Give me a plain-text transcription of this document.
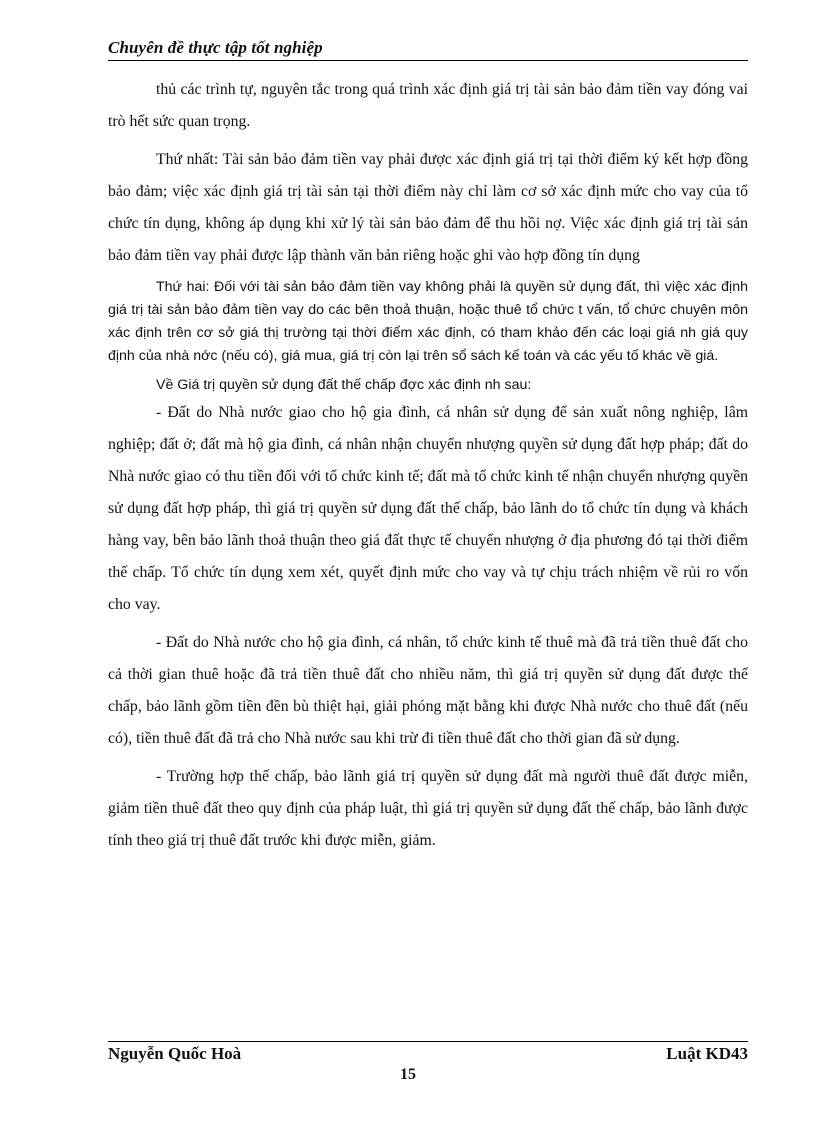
Chuyên đề thực tập tốt nghiệp

thủ các trình tự, nguyên tắc trong quá trình xác định giá trị tài sản bảo đảm tiền vay đóng vai trò hết sức quan trọng.

Thứ nhất: Tài sản bảo đảm tiền vay phải được xác định giá trị tại thời điểm ký kết hợp đồng bảo đảm; việc xác định giá trị tài sản tại thời điểm này chỉ làm cơ sở xác định mức cho vay của tổ chức tín dụng, không áp dụng khi xử lý tài sản bảo đảm để thu hồi nợ. Việc xác định giá trị tài sản bảo đảm tiền vay phải được lập thành văn bản riêng hoặc ghi vào hợp đồng tín dụng

Thứ hai: Đối với tài sản bảo đảm tiền vay không phải là quyền sử dụng đất, thì việc xác định giá trị tài sản bảo đảm tiền vay do các bên thoả thuận, hoặc thuê tổ chức t vấn, tổ chức chuyên môn xác định trên cơ sở giá thị trường tại thời điểm xác định, có tham khảo đến các loại giá nh giá quy định của nhà nớc (nếu có), giá mua, giá trị còn lại trên sổ sách kế toán và các yếu tố khác về giá.

Về Giá trị quyền sử dụng đất thế chấp đợc xác định nh sau:

- Đất do Nhà nước giao cho hộ gia đình, cá nhân sử dụng để sản xuất nông nghiệp, lâm nghiệp; đất ở; đất mà hộ gia đình, cá nhân nhận chuyển nhượng quyền sử dụng đất hợp pháp; đất do Nhà nước giao có thu tiền đối với tổ chức kinh tế; đất mà tổ chức kinh tế nhận chuyển nhượng quyền sử dụng đất hợp pháp, thì giá trị quyền sử dụng đất thế chấp, bảo lãnh do tổ chức tín dụng và khách hàng vay, bên bảo lãnh thoả thuận theo giá đất thực tế chuyển nhượng ở địa phương đó tại thời điểm thế chấp. Tổ chức tín dụng xem xét, quyết định mức cho vay và tự chịu trách nhiệm về rủi ro vốn cho vay.

- Đất do Nhà nước cho hộ gia đình, cá nhân, tổ chức kinh tế thuê mà đã trả tiền thuê đất cho cả thời gian thuê hoặc đã trả tiền thuê đất cho nhiều năm, thì giá trị quyền sử dụng đất được thế chấp, bảo lãnh gồm tiền đền bù thiệt hại, giải phóng mặt bằng khi được Nhà nước cho thuê đất (nếu có), tiền thuê đất đã trả cho Nhà nước sau khi trừ đi tiền thuê đất cho thời gian đã sử dụng.

- Trường hợp thế chấp, bảo lãnh giá trị quyền sử dụng đất mà người thuê đất được miễn, giảm tiền thuê đất theo quy định của pháp luật, thì giá trị quyền sử dụng đất thế chấp, bảo lãnh được tính theo giá trị thuê đất trước khi được miễn, giảm.

Nguyễn Quốc Hoà	Luật KD43
15
